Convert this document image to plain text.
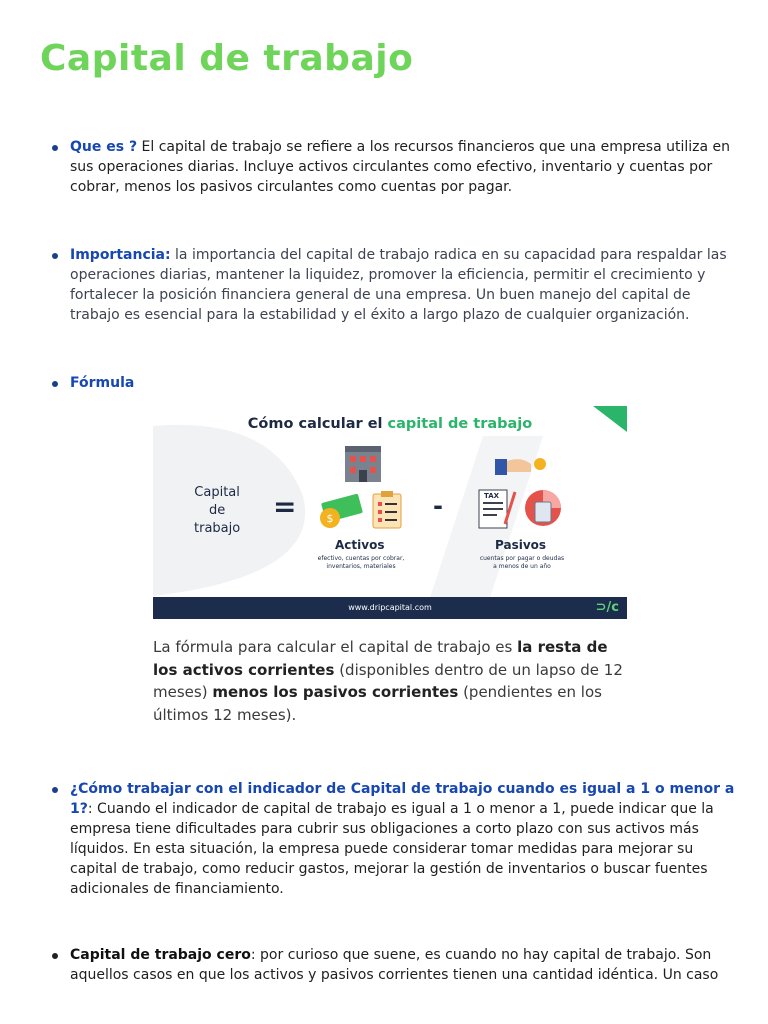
Capital de trabajo
Que es ? El capital de trabajo se refiere a los recursos financieros que una empresa utiliza en sus operaciones diarias. Incluye activos circulantes como efectivo, inventario y cuentas por cobrar, menos los pasivos circulantes como cuentas por pagar.
Importancia: la importancia del capital de trabajo radica en su capacidad para respaldar las operaciones diarias, mantener la liquidez, promover la eficiencia, permitir el crecimiento y fortalecer la posición financiera general de una empresa. Un buen manejo del capital de trabajo es esencial para la estabilidad y el éxito a largo plazo de cualquier organización.
Fórmula
$
Cómo calcular el capital de trabajo
Capital
de
trabajo
=	-
Activos
efectivo, cuentas por cobrar,
inventarios, materiales
Pasivos
cuentas por pagar o deudas
a menos de un año
TAX
www.dripcapital.com	⊃/c
La fórmula para calcular el capital de trabajo es la resta de los activos corrientes (disponibles dentro de un lapso de 12 meses) menos los pasivos corrientes (pendientes en los últimos 12 meses).
¿Cómo trabajar con el indicador de Capital de trabajo cuando es igual a 1 o menor a 1?: Cuando el indicador de capital de trabajo es igual a 1 o menor a 1, puede indicar que la empresa tiene dificultades para cubrir sus obligaciones a corto plazo con sus activos más líquidos. En esta situación, la empresa puede considerar tomar medidas para mejorar su capital de trabajo, como reducir gastos, mejorar la gestión de inventarios o buscar fuentes adicionales de financiamiento.
Capital de trabajo cero: por curioso que suene, es cuando no hay capital de trabajo. Son aquellos casos en que los activos y pasivos corrientes tienen una cantidad idéntica. Un caso
